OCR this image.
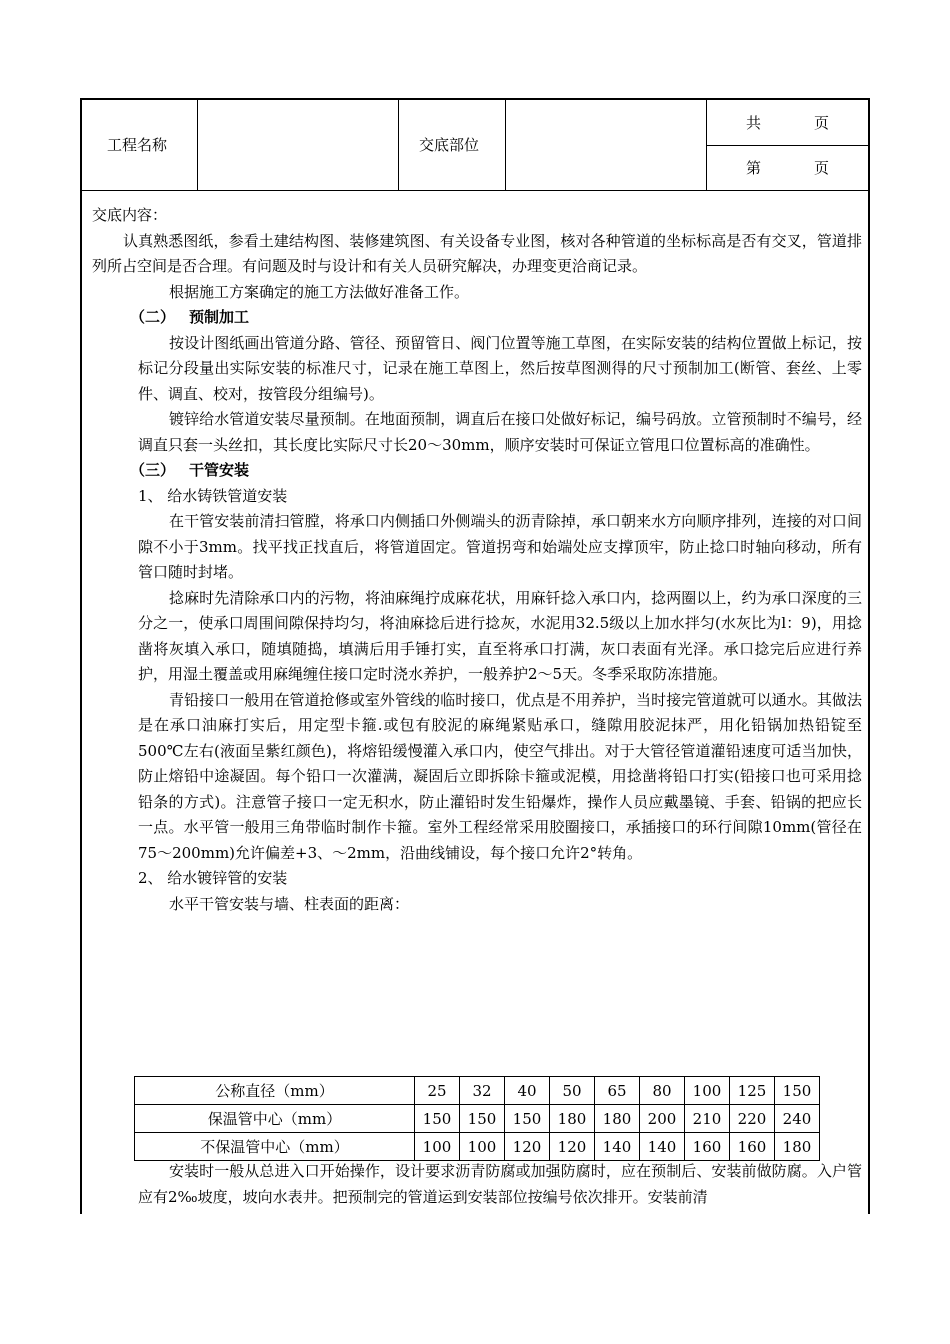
工程名称	交底部位
共	页
第	页

交底内容：

认真熟悉图纸，参看土建结构图、装修建筑图、有关设备专业图，核对各种管道的坐标标高是否有交叉，管道排列所占空间是否合理。有问题及时与设计和有关人员研究解决，办理变更洽商记录。

根据施工方案确定的施工方法做好准备工作。

（二） 预制加工

按设计图纸画出管道分路、管径、预留管日、阀门位置等施工草图，在实际安装的结构位置做上标记，按标记分段量出实际安装的标准尺寸，记录在施工草图上，然后按草图测得的尺寸预制加工(断管、套丝、上零件、调直、校对，按管段分组编号)。

镀锌给水管道安装尽量预制。在地面预制，调直后在接口处做好标记，编号码放。立管预制时不编号，经调直只套一头丝扣，其长度比实际尺寸长20～30mm，顺序安装时可保证立管甩口位置标高的准确性。

（三） 干管安装

1、 给水铸铁管道安装

在干管安装前清扫管膛，将承口内侧插口外侧端头的沥青除掉，承口朝来水方向顺序排列，连接的对口间隙不小于3mm。找平找正找直后，将管道固定。管道拐弯和始端处应支撑顶牢，防止捻口时轴向移动，所有管口随时封堵。

捻麻时先清除承口内的污物，将油麻绳拧成麻花状，用麻钎捻入承口内，捻两圈以上，约为承口深度的三分之一，使承口周围间隙保持均匀，将油麻捻后进行捻灰，水泥用32.5级以上加水拌匀(水灰比为l：9)，用捻凿将灰填入承口，随填随捣，填满后用手锤打实，直至将承口打满，灰口表面有光泽。承口捻完后应进行养护，用湿土覆盖或用麻绳缠住接口定时浇水养护，一般养护2～5天。冬季采取防冻措施。

青铅接口一般用在管道抢修或室外管线的临时接口，优点是不用养护，当时接完管道就可以通水。其做法是在承口油麻打实后，用定型卡箍.或包有胶泥的麻绳紧贴承口，缝隙用胶泥抹严，用化铅锅加热铅锭至500℃左右(液面呈紫红颜色)，将熔铅缓慢灌入承口内，使空气排出。对于大管径管道灌铅速度可适当加快，防止熔铅中途凝固。每个铅口一次灌满，凝固后立即拆除卡箍或泥模，用捻凿将铅口打实(铅接口也可采用捻铅条的方式)。注意管子接口一定无积水，防止灌铅时发生铅爆炸，操作人员应戴墨镜、手套、铅锅的把应长一点。水平管一般用三角带临时制作卡箍。室外工程经常采用胶圈接口，承插接口的环行间隙10mm(管径在75～200mm)允许偏差+3、～2mm，沿曲线铺设，每个接口允许2°转角。

2、 给水镀锌管的安装

水平干管安装与墙、柱表面的距离：

公称直径（mm）	25	32	40	50	65	80	100	125	150
保温管中心（mm）	150	150	150	180	180	200	210	220	240
不保温管中心（mm）	100	100	120	120	140	140	160	160	180

安装时一般从总进入口开始操作，设计要求沥青防腐或加强防腐时，应在预制后、安装前做防腐。入户管应有2‰坡度，坡向水表井。把预制完的管道运到安装部位按编号依次排开。安装前清
